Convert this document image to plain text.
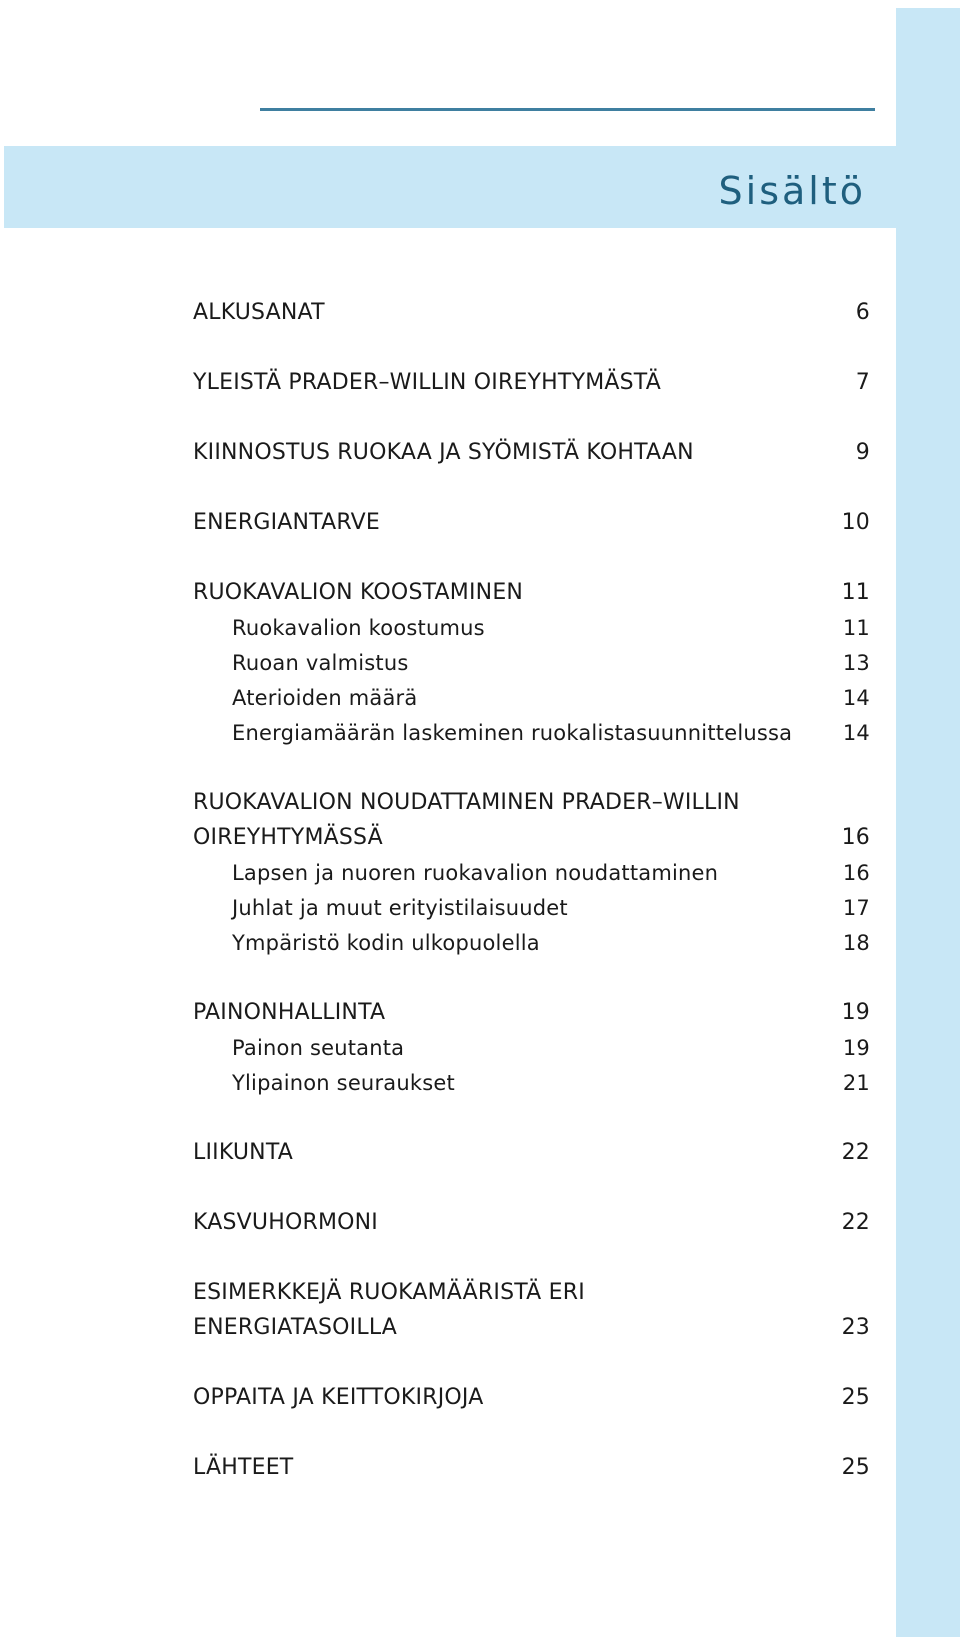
Sisältö
ALKUSANAT	6
YLEISTÄ PRADER–WILLIN OIREYHTYMÄSTÄ	7
KIINNOSTUS RUOKAA JA SYÖMISTÄ KOHTAAN	9
ENERGIANTARVE	10
RUOKAVALION KOOSTAMINEN	11
Ruokavalion koostumus	11
Ruoan valmistus	13
Aterioiden määrä	14
Energiamäärän laskeminen ruokalistasuunnittelussa 14
RUOKAVALION NOUDATTAMINEN PRADER–WILLIN
OIREYHTYMÄSSÄ	16
Lapsen ja nuoren ruokavalion noudattaminen	16
Juhlat ja muut erityistilaisuudet	17
Ympäristö kodin ulkopuolella	18
PAINONHALLINTA	19
Painon seutanta	19
Ylipainon seuraukset	21
LIIKUNTA	22
KASVUHORMONI	22
ESIMERKKEJÄ RUOKAMÄÄRISTÄ ERI
ENERGIATASOILLA	23
OPPAITA JA KEITTOKIRJOJA	25
LÄHTEET	25
